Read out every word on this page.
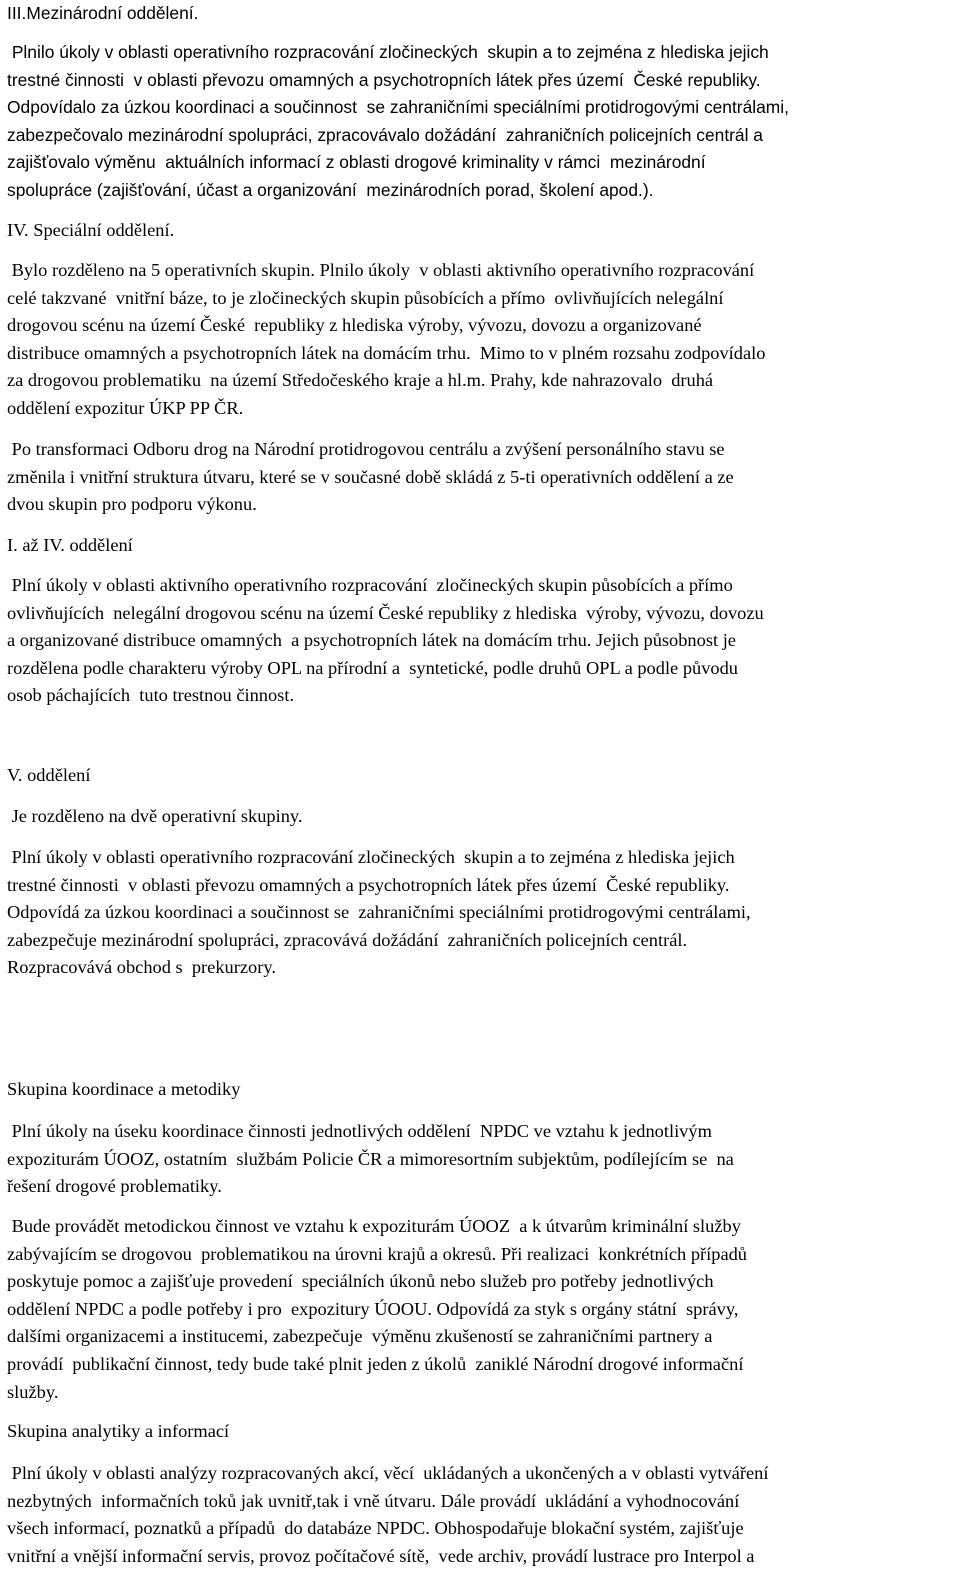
III.Mezinárodní oddělení.

Plnilo úkoly v oblasti operativního rozpracování zločineckých  skupin a to zejména z hlediska jejich
trestné činnosti  v oblasti převozu omamných a psychotropních látek přes území  České republiky.
Odpovídalo za úzkou koordinaci a součinnost  se zahraničními speciálními protidrogovými centrálami,
zabezpečovalo mezinárodní spolupráci, zpracovávalo dožádání  zahraničních policejních centrál a
zajišťovalo výměnu  aktuálních informací z oblasti drogové kriminality v rámci  mezinárodní
spolupráce (zajišťování, účast a organizování  mezinárodních porad, školení apod.).

IV. Speciální oddělení.

Bylo rozděleno na 5 operativních skupin. Plnilo úkoly  v oblasti aktivního operativního rozpracování
celé takzvané  vnitřní báze, to je zločineckých skupin působících a přímo  ovlivňujících nelegální
drogovou scénu na území České  republiky z hlediska výroby, vývozu, dovozu a organizované
distribuce omamných a psychotropních látek na domácím trhu.  Mimo to v plném rozsahu zodpovídalo
za drogovou problematiku  na území Středočeského kraje a hl.m. Prahy, kde nahrazovalo  druhá
oddělení expozitur ÚKP PP ČR.

Po transformaci Odboru drog na Národní protidrogovou centrálu a zvýšení personálního stavu se
změnila i vnitřní struktura útvaru, které se v současné době skládá z 5-ti operativních oddělení a ze
dvou skupin pro podporu výkonu.

I. až IV. oddělení

Plní úkoly v oblasti aktivního operativního rozpracování  zločineckých skupin působících a přímo
ovlivňujících  nelegální drogovou scénu na území České republiky z hlediska  výroby, vývozu, dovozu
a organizované distribuce omamných  a psychotropních látek na domácím trhu. Jejich působnost je
rozdělena podle charakteru výroby OPL na přírodní a  syntetické, podle druhů OPL a podle původu
osob páchajících  tuto trestnou činnost.

V. oddělení

Je rozděleno na dvě operativní skupiny.

Plní úkoly v oblasti operativního rozpracování zločineckých  skupin a to zejména z hlediska jejich
trestné činnosti  v oblasti převozu omamných a psychotropních látek přes území  České republiky.
Odpovídá za úzkou koordinaci a součinnost se  zahraničními speciálními protidrogovými centrálami,
zabezpečuje mezinárodní spolupráci, zpracovává dožádání  zahraničních policejních centrál.
Rozpracovává obchod s  prekurzory.

Skupina koordinace a metodiky

Plní úkoly na úseku koordinace činnosti jednotlivých oddělení  NPDC ve vztahu k jednotlivým
expoziturám ÚOOZ, ostatním  službám Policie ČR a mimoresortním subjektům, podílejícím se  na
řešení drogové problematiky.

Bude provádět metodickou činnost ve vztahu k expoziturám ÚOOZ  a k útvarům kriminální služby
zabývajícím se drogovou  problematikou na úrovni krajů a okresů. Při realizaci  konkrétních případů
poskytuje pomoc a zajišťuje provedení  speciálních úkonů nebo služeb pro potřeby jednotlivých
oddělení NPDC a podle potřeby i pro  expozitury ÚOOU. Odpovídá za styk s orgány státní  správy,
dalšími organizacemi a institucemi, zabezpečuje  výměnu zkušeností se zahraničními partnery a
provádí  publikační činnost, tedy bude také plnit jeden z úkolů  zaniklé Národní drogové informační
služby.

Skupina analytiky a informací

Plní úkoly v oblasti analýzy rozpracovaných akcí, věcí  ukládaných a ukončených a v oblasti vytváření
nezbytných  informačních toků jak uvnitř,tak i vně útvaru. Dále provádí  ukládání a vyhodnocování
všech informací, poznatků a případů  do databáze NPDC. Obhospodařuje blokační systém, zajišťuje
vnitřní a vnější informační servis, provoz počítačové sítě,  vede archiv, provádí lustrace pro Interpol a
